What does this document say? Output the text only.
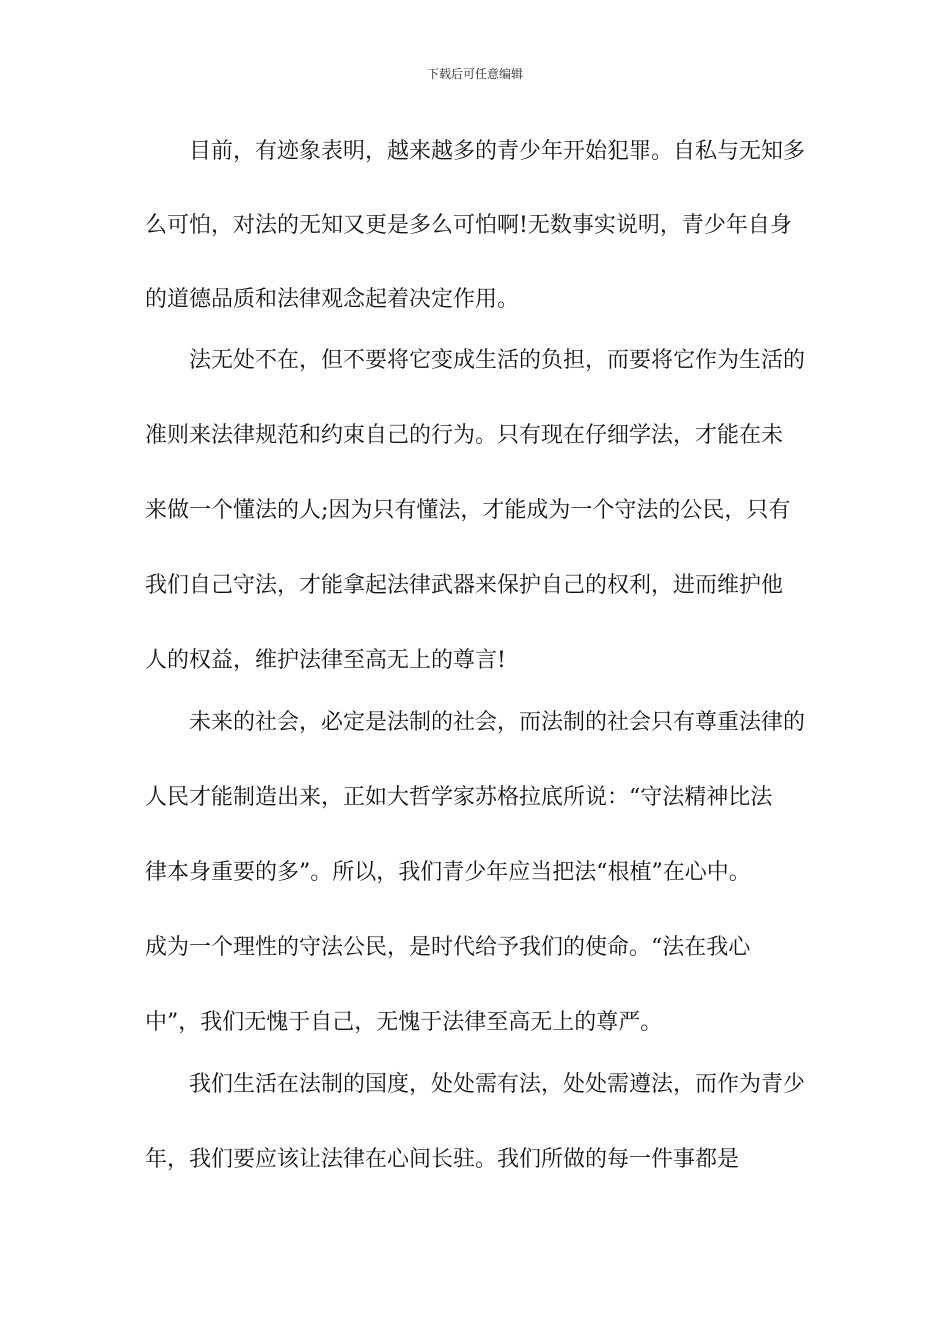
下载后可任意编辑
　　目前，有迹象表明，越来越多的青少年开始犯罪。自私与无知多
么可怕，对法的无知又更是多么可怕啊!无数事实说明，青少年自身
的道德品质和法律观念起着决定作用。
　　法无处不在，但不要将它变成生活的负担，而要将它作为生活的
准则来法律规范和约束自己的行为。只有现在仔细学法，才能在未
来做一个懂法的人;因为只有懂法，才能成为一个守法的公民，只有
我们自己守法，才能拿起法律武器来保护自己的权利，进而维护他
人的权益，维护法律至高无上的尊言!
　　未来的社会，必定是法制的社会，而法制的社会只有尊重法律的
人民才能制造出来，正如大哲学家苏格拉底所说：“守法精神比法
律本身重要的多”。所以，我们青少年应当把法“根植”在心中。
成为一个理性的守法公民，是时代给予我们的使命。“法在我心
中”，我们无愧于自己，无愧于法律至高无上的尊严。
　　我们生活在法制的国度，处处需有法，处处需遵法，而作为青少
年，我们要应该让法律在心间长驻。我们所做的每一件事都是
